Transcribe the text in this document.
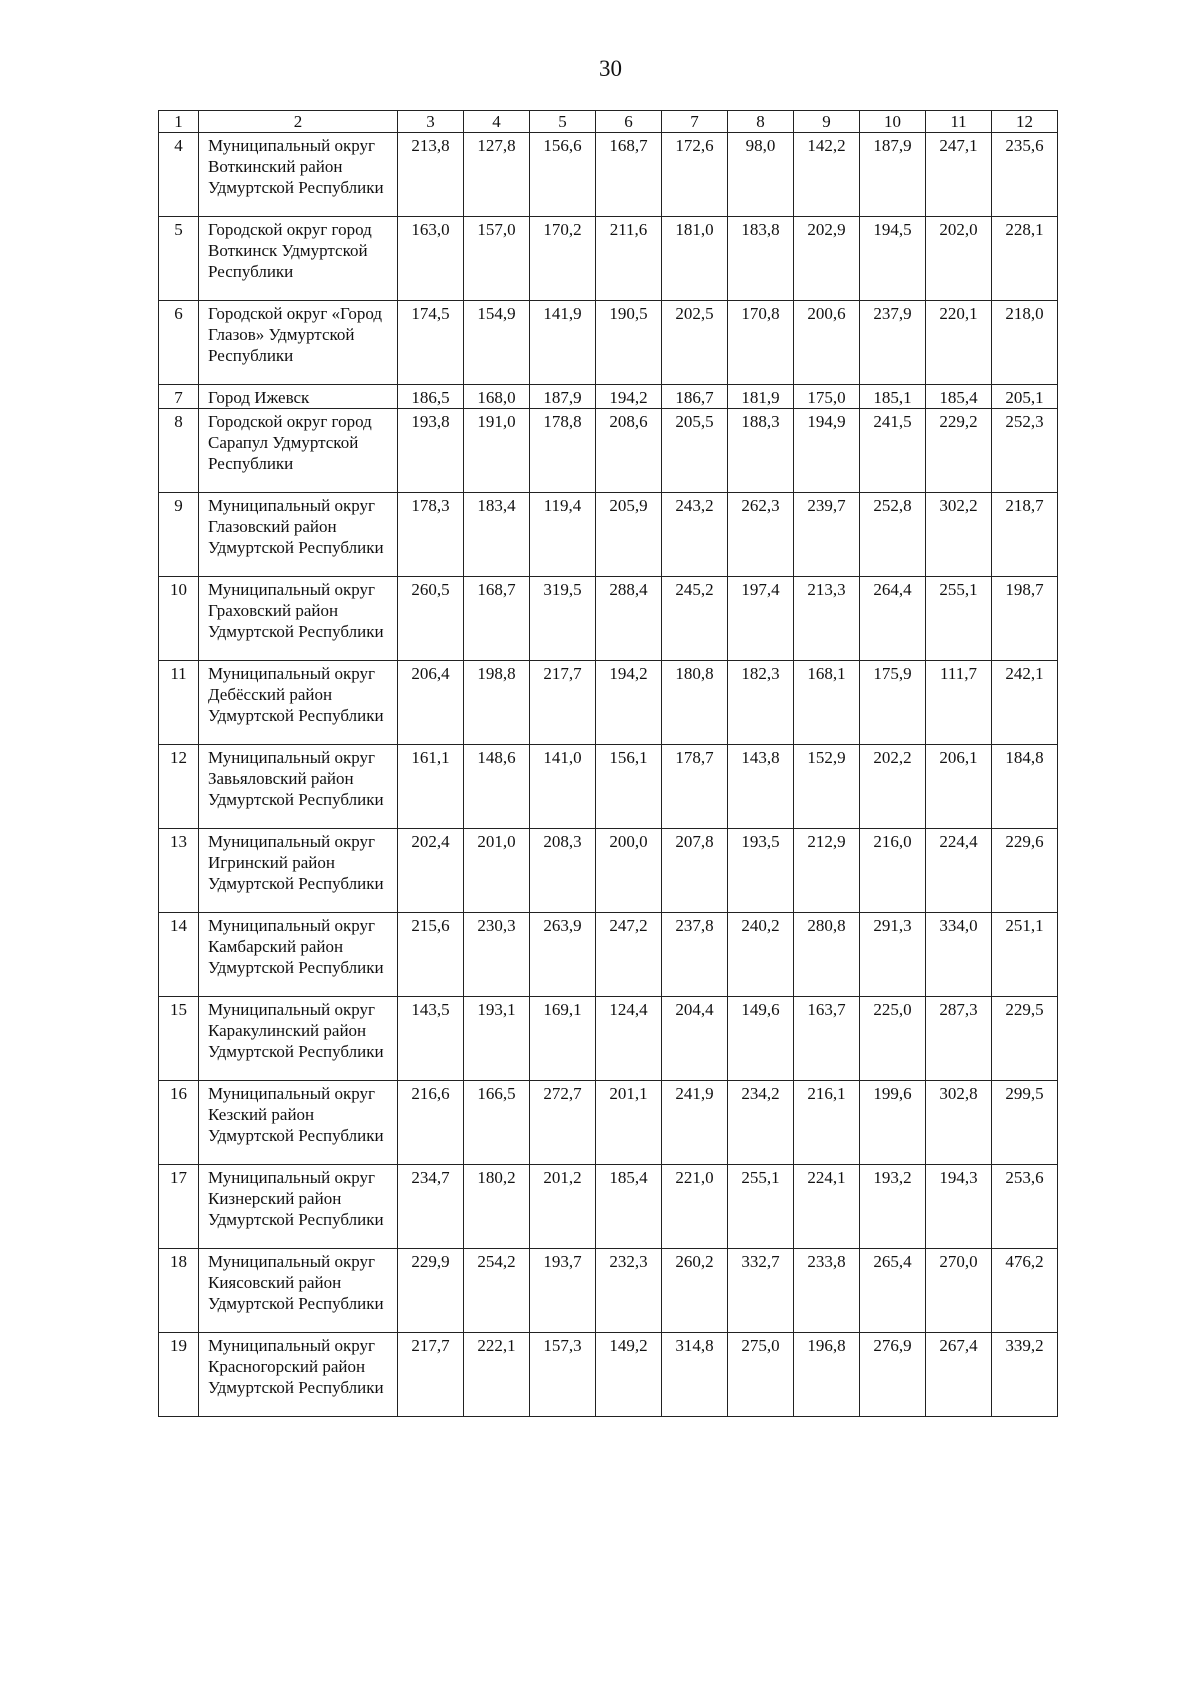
30
1	2	3	4	5	6	7	8	9	10	11	12
4	Муниципальный округ Воткинский район Удмуртской Республики	213,8	127,8	156,6	168,7	172,6	98,0	142,2	187,9	247,1	235,6
5	Городской округ город Воткинск Удмуртской Республики	163,0	157,0	170,2	211,6	181,0	183,8	202,9	194,5	202,0	228,1
6	Городской округ «Город Глазов» Удмуртской Республики	174,5	154,9	141,9	190,5	202,5	170,8	200,6	237,9	220,1	218,0
7	Город Ижевск	186,5	168,0	187,9	194,2	186,7	181,9	175,0	185,1	185,4	205,1
8	Городской округ город Сарапул Удмуртской Республики	193,8	191,0	178,8	208,6	205,5	188,3	194,9	241,5	229,2	252,3
9	Муниципальный округ Глазовский район Удмуртской Республики	178,3	183,4	119,4	205,9	243,2	262,3	239,7	252,8	302,2	218,7
10	Муниципальный округ Граховский район Удмуртской Республики	260,5	168,7	319,5	288,4	245,2	197,4	213,3	264,4	255,1	198,7
11	Муниципальный округ Дебёсский район Удмуртской Республики	206,4	198,8	217,7	194,2	180,8	182,3	168,1	175,9	111,7	242,1
12	Муниципальный округ Завьяловский район Удмуртской Республики	161,1	148,6	141,0	156,1	178,7	143,8	152,9	202,2	206,1	184,8
13	Муниципальный округ Игринский район Удмуртской Республики	202,4	201,0	208,3	200,0	207,8	193,5	212,9	216,0	224,4	229,6
14	Муниципальный округ Камбарский район Удмуртской Республики	215,6	230,3	263,9	247,2	237,8	240,2	280,8	291,3	334,0	251,1
15	Муниципальный округ Каракулинский район Удмуртской Республики	143,5	193,1	169,1	124,4	204,4	149,6	163,7	225,0	287,3	229,5
16	Муниципальный округ Кезский район Удмуртской Республики	216,6	166,5	272,7	201,1	241,9	234,2	216,1	199,6	302,8	299,5
17	Муниципальный округ Кизнерский район Удмуртской Республики	234,7	180,2	201,2	185,4	221,0	255,1	224,1	193,2	194,3	253,6
18	Муниципальный округ Киясовский район Удмуртской Республики	229,9	254,2	193,7	232,3	260,2	332,7	233,8	265,4	270,0	476,2
19	Муниципальный округ Красногорский район Удмуртской Республики	217,7	222,1	157,3	149,2	314,8	275,0	196,8	276,9	267,4	339,2
